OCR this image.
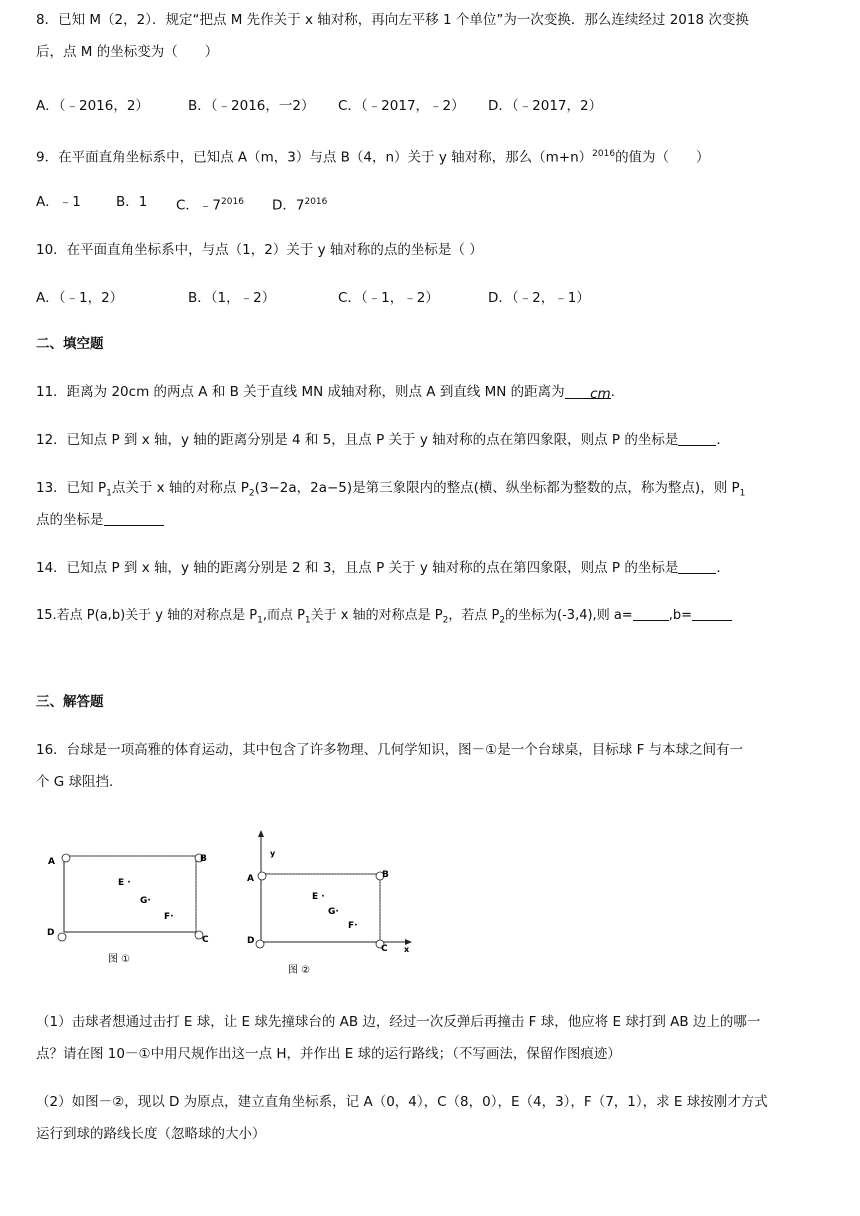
8．已知 M（2，2）．规定“把点 M 先作关于 x 轴对称，再向左平移 1 个单位”为一次变换．那么连续经过 2018 次变换
后，点 M 的坐标变为（　　）
A．（﹣2016，2）	B．（﹣2016，一2） C．（﹣2017，﹣2） D．（﹣2017，2）
9．在平面直角坐标系中，已知点 A（m，3）与点 B（4，n）关于 y 轴对称，那么$(m+n)^{2016}$的值为（　　）
A．﹣1	B．1 C．$﹣7^{2016}$ D．$7^{2016}$
10．在平面直角坐标系中，与点（1，2）关于 y 轴对称的点的坐标是（ ）
A．（﹣1，2）	B．（1，﹣2）	C．（﹣1，﹣2）	D．（﹣2，﹣1）
二、填空题
11．距离为 20cm 的两点 A 和 B 关于直线 MN 成轴对称，则点 A 到直线 MN 的距离为 cm.
12．已知点 P 到 x 轴，y 轴的距离分别是 4 和 5，且点 P 关于 y 轴对称的点在第四象限，则点 P 的坐标是	.
13．已知 $P_1$点关于 x 轴的对称点 $P_2(3-2a$，2a−5)是第三象限内的整点(横、纵坐标都为整数的点，称为整点)，则 $P_1$
点的坐标是
14．已知点 P 到 x 轴，y 轴的距离分别是 2 和 3，且点 P 关于 y 轴对称的点在第四象限，则点 P 的坐标是	.
15.若点 P(a,b)关于 y 轴的对称点是 $P_1$,而点 $P_1$关于 x 轴的对称点是 $P_2$，若点 $P_2$的坐标为(-3,4),则 a=	,b=
三、解答题
16．台球是一项高雅的体育运动，其中包含了许多物理、几何学知识，图－①是一个台球桌，目标球 F 与本球之间有一
个 G 球阻挡.
A	B
C
D
E ·
G·
F·
图 ①
y
x
A	B
C
D
E ·
G·
F·
图 ②
（1）击球者想通过击打 E 球，让 E 球先撞球台的 AB 边，经过一次反弹后再撞击 F 球，他应将 E 球打到 AB 边上的哪一
点？请在图 10－①中用尺规作出这一点 H，并作出 E 球的运行路线；（不写画法，保留作图痕迹）
（2）如图－②，现以 D 为原点，建立直角坐标系，记 A（0，4），C（8，0），E（4，3），F（7，1），求 E 球按刚才方式
运行到球的路线长度（忽略球的大小）
